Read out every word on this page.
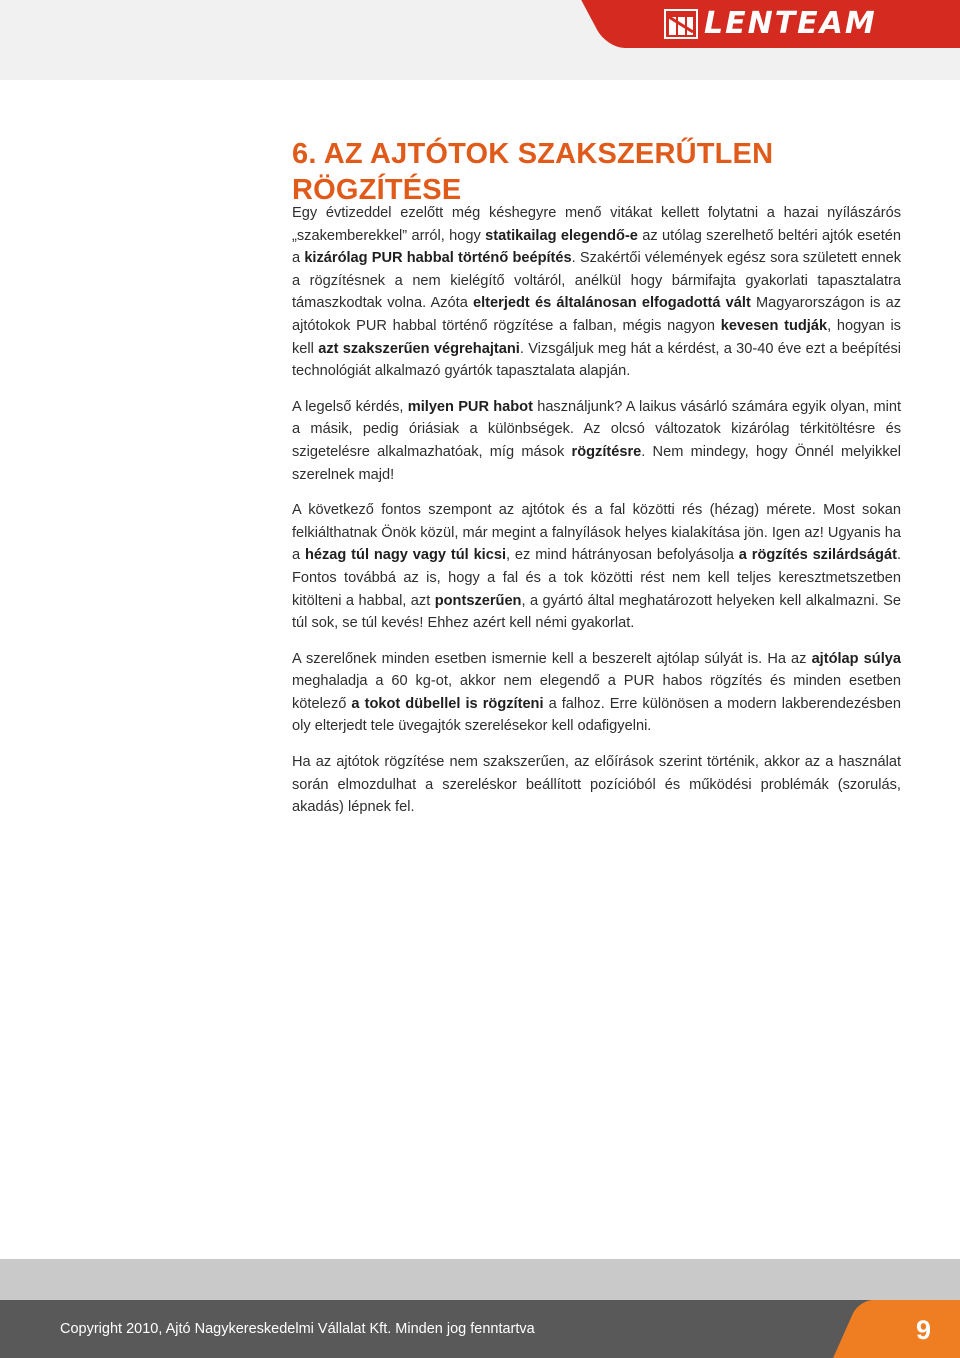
LENTEAM
6. AZ AJTÓTOK SZAKSZERŰTLEN RÖGZÍTÉSE

Egy évtizeddel ezelőtt még késhegyre menő vitákat kellett folytatni a hazai nyílászárós „szakemberekkel” arról, hogy statikailag elegendő-e az utólag szerelhető beltéri ajtók esetén a kizárólag PUR habbal történő beépítés. Szakértői vélemények egész sora született ennek a rögzítésnek a nem kielégítő voltáról, anélkül hogy bármifajta gyakorlati tapasztalatra támaszkodtak volna. Azóta elterjedt és általánosan elfogadottá vált Magyarországon is az ajtótokok PUR habbal történő rögzítése a falban, mégis nagyon kevesen tudják, hogyan is kell azt szakszerűen végrehajtani. Vizsgáljuk meg hát a kérdést, a 30-40 éve ezt a beépítési technológiát alkalmazó gyártók tapasztalata alapján.

A legelső kérdés, milyen PUR habot használjunk? A laikus vásárló számára egyik olyan, mint a másik, pedig óriásiak a különbségek. Az olcsó változatok kizárólag térkitöltésre és szigetelésre alkalmazhatóak, míg mások rögzítésre. Nem mindegy, hogy Önnél melyikkel szerelnek majd!

A következő fontos szempont az ajtótok és a fal közötti rés (hézag) mérete. Most sokan felkiálthatnak Önök közül, már megint a falnyílások helyes kialakítása jön. Igen az! Ugyanis ha a hézag túl nagy vagy túl kicsi, ez mind hátrányosan befolyásolja a rögzítés szilárdságát. Fontos továbbá az is, hogy a fal és a tok közötti rést nem kell teljes keresztmetszetben kitölteni a habbal, azt pontszerűen, a gyártó által meghatározott helyeken kell alkalmazni. Se túl sok, se túl kevés! Ehhez azért kell némi gyakorlat.

A szerelőnek minden esetben ismernie kell a beszerelt ajtólap súlyát is. Ha az ajtólap súlya meghaladja a 60 kg-ot, akkor nem elegendő a PUR habos rögzítés és minden esetben kötelező a tokot dübellel is rögzíteni a falhoz. Erre különösen a modern lakberendezésben oly elterjedt tele üvegajtók szerelésekor kell odafigyelni.

Ha az ajtótok rögzítése nem szakszerűen, az előírások szerint történik, akkor az a használat során elmozdulhat a szereléskor beállított pozícióból és működési problémák (szorulás, akadás) lépnek fel.

Copyright 2010, Ajtó Nagykereskedelmi Vállalat Kft. Minden jog fenntartva	9
